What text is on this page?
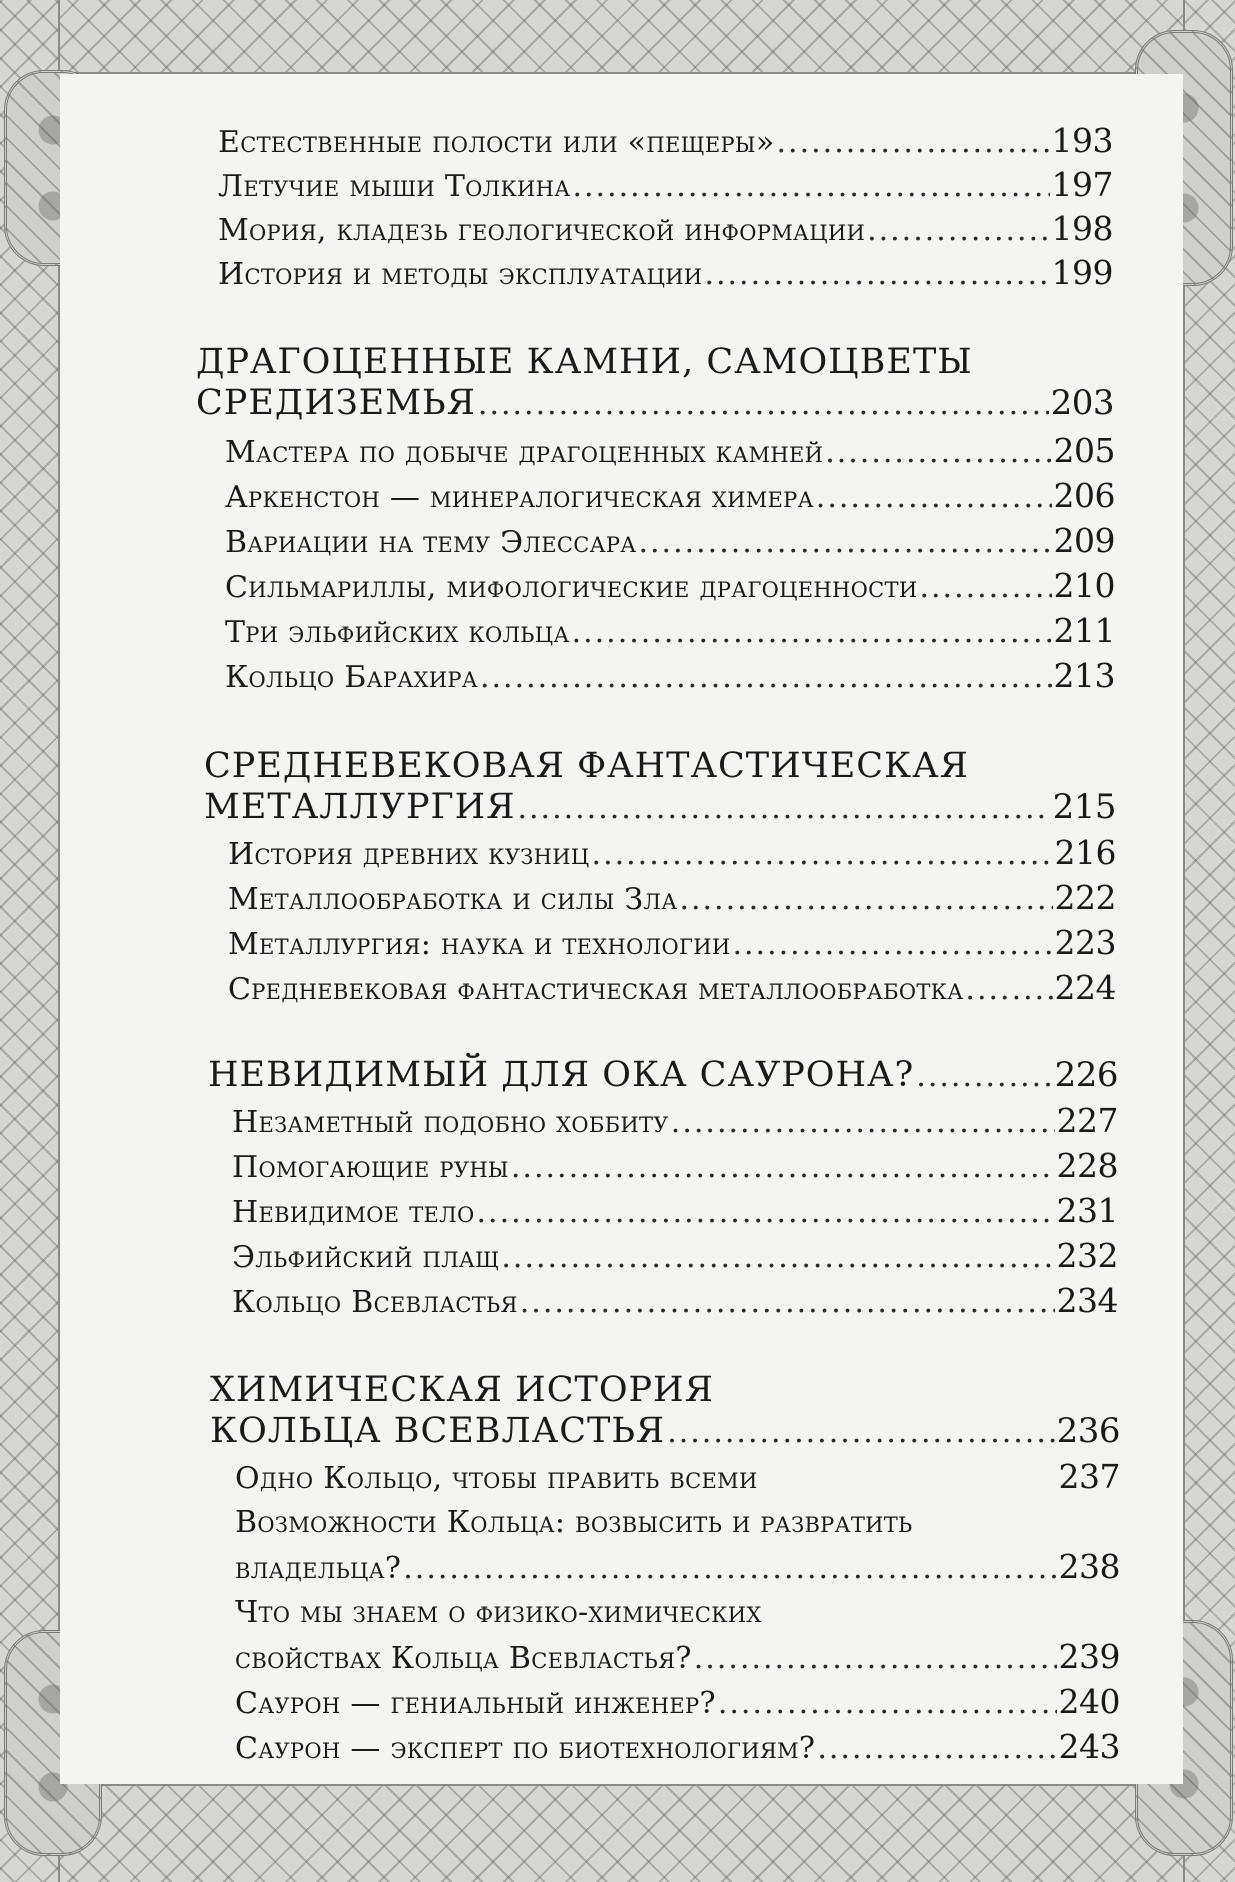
Естественные полости или «пещеры» .....	193
Летучие мыши Толкина .....	197
Мория, кладезь геологической информации .....	198
История и методы эксплуатации .....	199
ДРАГОЦЕННЫЕ КАМНИ, САМОЦВЕТЫ
СРЕДИЗЕМЬЯ .....	203
Мастера по добыче драгоценных камней .....	205
Аркенстон — минералогическая химера .....	206
Вариации на тему Элессара .....	209
Сильмариллы, мифологические драгоценности .....	210
Три эльфийских кольца .....	211
Кольцо Барахира .....	213
СРЕДНЕВЕКОВАЯ ФАНТАСТИЧЕСКАЯ
МЕТАЛЛУРГИЯ .....	215
История древних кузниц .....	216
Металлообработка и силы Зла .....	222
Металлургия: наука и технологии .....	223
Средневековая фантастическая металлообработка .....	224
НЕВИДИМЫЙ ДЛЯ ОКА САУРОНА? .....	226
Незаметный подобно хоббиту .....	227
Помогающие руны .....	228
Невидимое тело .....	231
Эльфийский плащ .....	232
Кольцо Всевластья .....	234
ХИМИЧЕСКАЯ ИСТОРИЯ
КОЛЬЦА ВСЕВЛАСТЬЯ .....	236
Одно Кольцо, чтобы править всеми	237
Возможности Кольца: возвысить и развратить
владельца? .....	238
Что мы знаем о физико-химических
свойствах Кольца Всевластья? .....	239
Саурон — гениальный инженер? .....	240
Саурон — эксперт по биотехнологиям? .....	243
